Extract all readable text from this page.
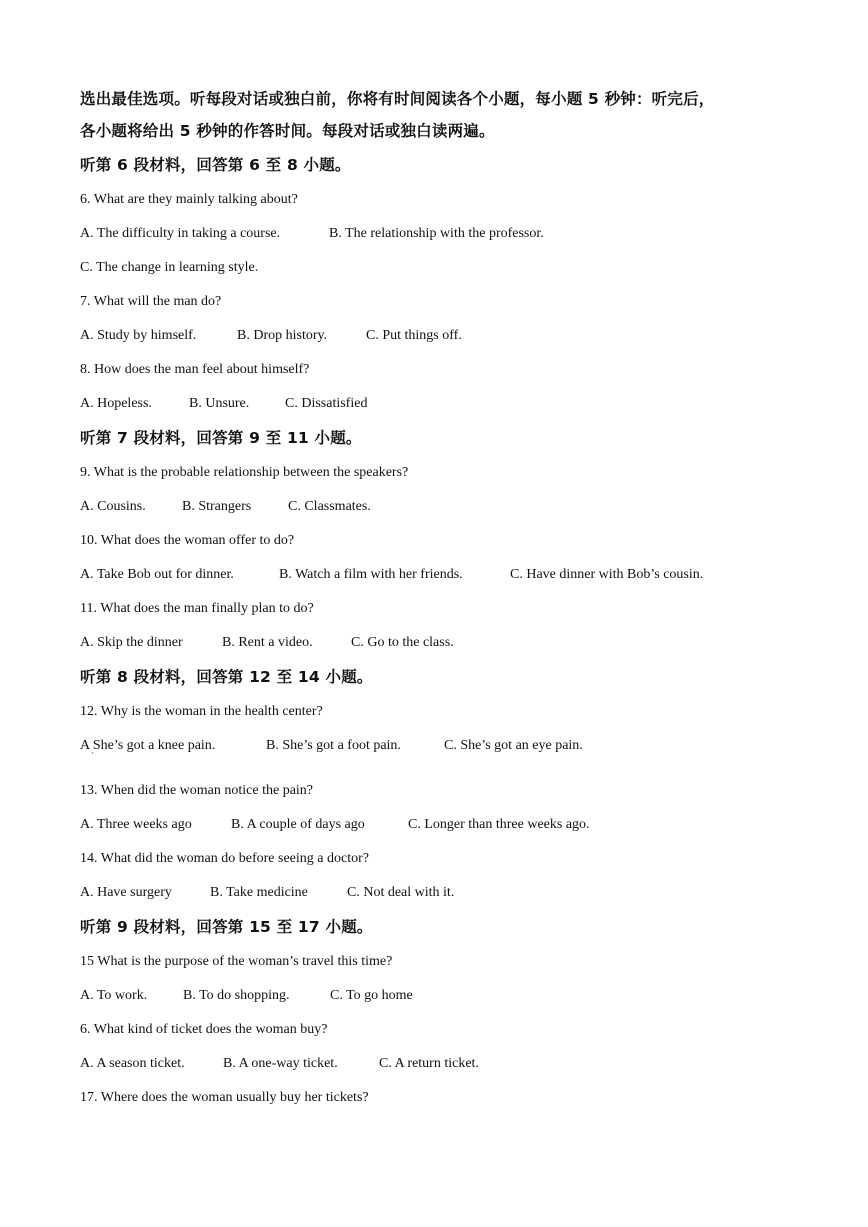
选出最佳选项。听每段对话或独白前，你将有时间阅读各个小题，每小题 5 秒钟：听完后，
各小题将给出 5 秒钟的作答时间。每段对话或独白读两遍。
听第 6 段材料，回答第 6 至 8 小题。
6. What are they mainly talking about?
A. The difficulty in taking a course.	B. The relationship with the professor.
C. The change in learning style.
7. What will the man do?
A. Study by himself.	B. Drop history.	C. Put things off.
8. How does the man feel about himself?
A. Hopeless.	B. Unsure.	C. Dissatisfied
听第 7 段材料，回答第 9 至 11 小题。
9. What is the probable relationship between the speakers?
A. Cousins.	B. Strangers	C. Classmates.
10. What does the woman offer to do?
A. Take Bob out for dinner.	B. Watch a film with her friends.	C. Have dinner with Bob’s cousin.
11. What does the man finally plan to do?
A. Skip the dinner	B. Rent a video.	C. Go to the class.
听第 8 段材料，回答第 12 至 14 小题。
12. Why is the woman in the health center?
A She’s got a knee pain.	B. She’s got a foot pain.	C. She’s got an eye pain.
`
13. When did the woman notice the pain?
A. Three weeks ago	B. A couple of days ago	C. Longer than three weeks ago.
14. What did the woman do before seeing a doctor?
A. Have surgery	B. Take medicine	C. Not deal with it.
听第 9 段材料，回答第 15 至 17 小题。
15 What is the purpose of the woman’s travel this time?
A. To work.	B. To do shopping.	C. To go home
6. What kind of ticket does the woman buy?
A. A season ticket.	B. A one-way ticket.	C. A return ticket.
17. Where does the woman usually buy her tickets?
